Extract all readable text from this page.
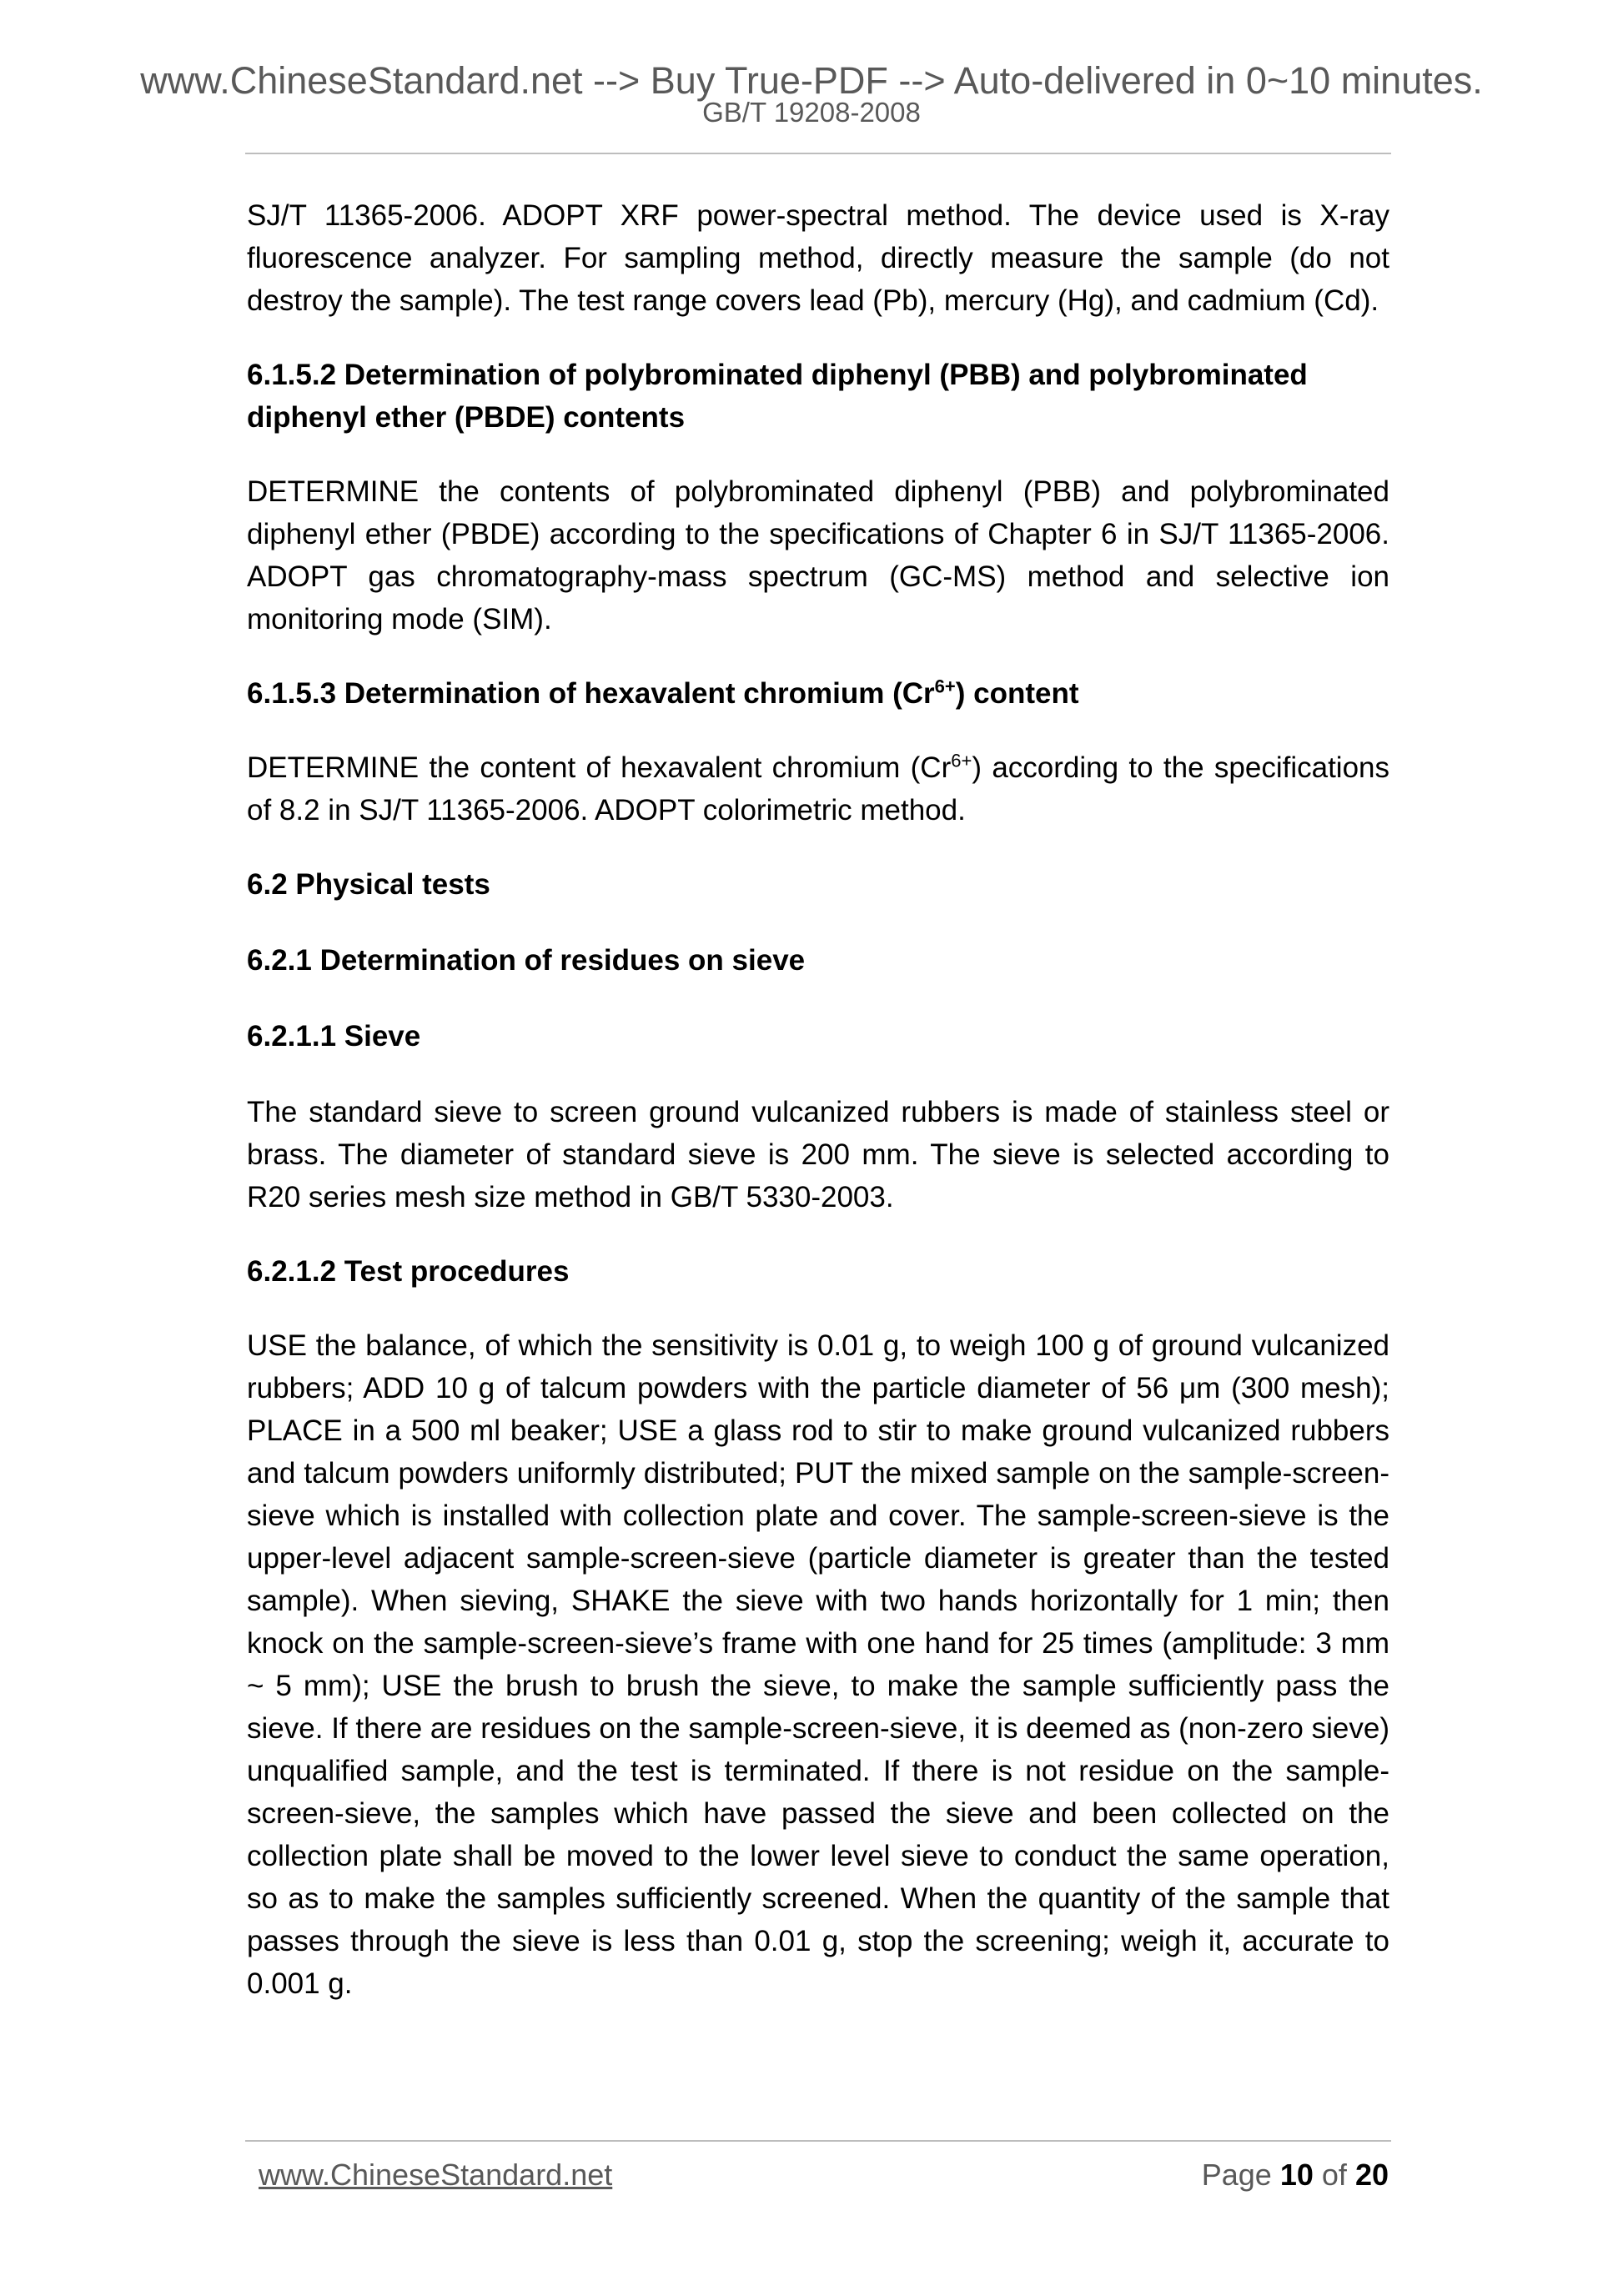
www.ChineseStandard.net --> Buy True-PDF --> Auto-delivered in 0~10 minutes.
GB/T 19208-2008

SJ/T 11365-2006. ADOPT XRF power-spectral method. The device used is X-ray fluorescence analyzer. For sampling method, directly measure the sample (do not destroy the sample). The test range covers lead (Pb), mercury (Hg), and cadmium (Cd).

6.1.5.2 Determination of polybrominated diphenyl (PBB) and polybrominated diphenyl ether (PBDE) contents

DETERMINE the contents of polybrominated diphenyl (PBB) and polybrominated diphenyl ether (PBDE) according to the specifications of Chapter 6 in SJ/T 11365-2006. ADOPT gas chromatography-mass spectrum (GC-MS) method and selective ion monitoring mode (SIM).

6.1.5.3 Determination of hexavalent chromium $(Cr^{6+})$ content

DETERMINE the content of hexavalent chromium $(Cr^{6+})$ according to the specifications of 8.2 in SJ/T 11365-2006. ADOPT colorimetric method.

6.2 Physical tests

6.2.1 Determination of residues on sieve

6.2.1.1 Sieve

The standard sieve to screen ground vulcanized rubbers is made of stainless steel or brass. The diameter of standard sieve is 200 mm. The sieve is selected according to R20 series mesh size method in GB/T 5330-2003.

6.2.1.2 Test procedures

USE the balance, of which the sensitivity is 0.01 g, to weigh 100 g of ground vulcanized rubbers; ADD 10 g of talcum powders with the particle diameter of 56 μm (300 mesh); PLACE in a 500 ml beaker; USE a glass rod to stir to make ground vulcanized rubbers and talcum powders uniformly distributed; PUT the mixed sample on the sample-screen-sieve which is installed with collection plate and cover. The sample-screen-sieve is the upper-level adjacent sample-screen-sieve (particle diameter is greater than the tested sample). When sieving, SHAKE the sieve with two hands horizontally for 1 min; then knock on the sample-screen-sieve’s frame with one hand for 25 times (amplitude: 3 mm ~ 5 mm); USE the brush to brush the sieve, to make the sample sufficiently pass the sieve. If there are residues on the sample-screen-sieve, it is deemed as (non-zero sieve) unqualified sample, and the test is terminated. If there is not residue on the sample-screen-sieve, the samples which have passed the sieve and been collected on the collection plate shall be moved to the lower level sieve to conduct the same operation, so as to make the samples sufficiently screened. When the quantity of the sample that passes through the sieve is less than 0.01 g, stop the screening; weigh it, accurate to 0.001 g.

www.ChineseStandard.net	Page 10 of 20
